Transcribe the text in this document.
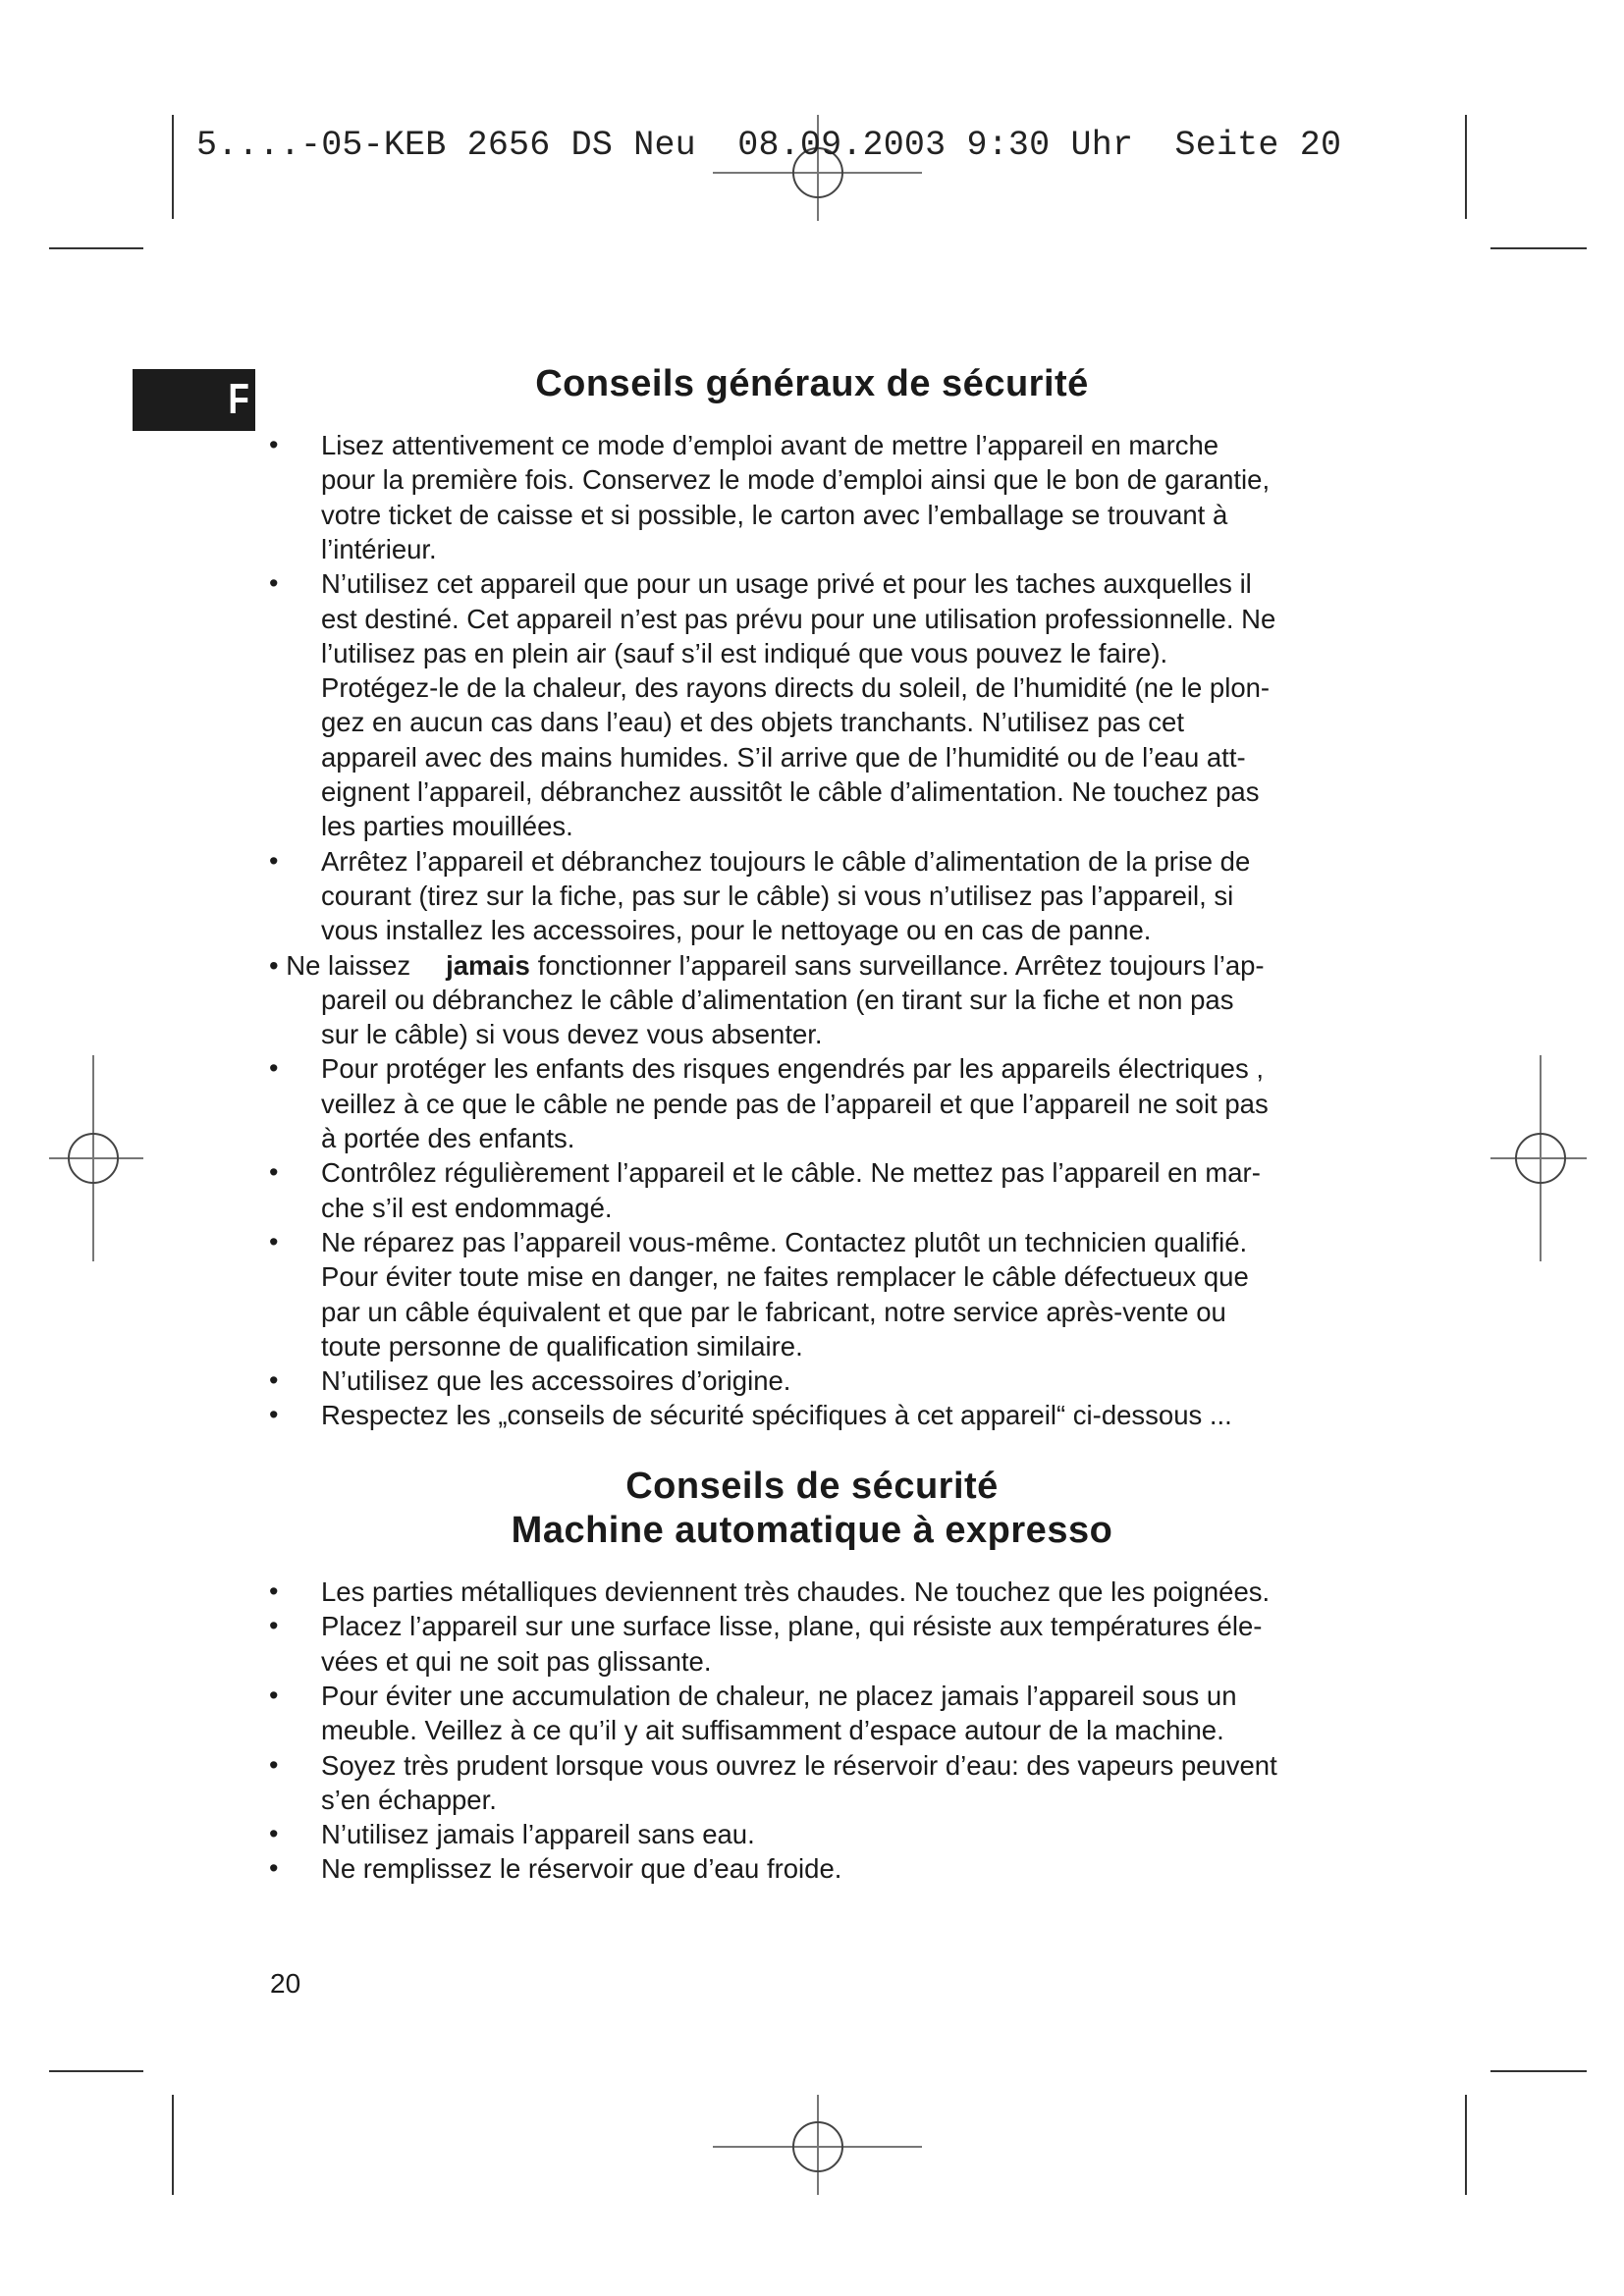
5....-05-KEB 2656 DS Neu  08.09.2003 9:30 Uhr  Seite 20
F	Conseils généraux de sécurité
• Lisez attentivement ce mode d’emploi avant de mettre l’appareil en marche
pour la première fois. Conservez le mode d’emploi ainsi que le bon de garantie,
votre ticket de caisse et si possible, le carton avec l’emballage se trouvant à
l’intérieur.
• N’utilisez cet appareil que pour un usage privé et pour les taches auxquelles il
est destiné. Cet appareil n’est pas prévu pour une utilisation professionnelle. Ne
l’utilisez pas en plein air (sauf s’il est indiqué que vous pouvez le faire).
Protégez-le de la chaleur, des rayons directs du soleil, de l’humidité (ne le plon-
gez en aucun cas dans l’eau) et des objets tranchants. N’utilisez pas cet
appareil avec des mains humides. S’il arrive que de l’humidité ou de l’eau att-
eignent l’appareil, débranchez aussitôt le câble d’alimentation. Ne touchez pas
les parties mouillées.
• Arrêtez l’appareil et débranchez toujours le câble d’alimentation de la prise de
courant (tirez sur la fiche, pas sur le câble) si vous n’utilisez pas l’appareil, si
vous installez les accessoires, pour le nettoyage ou en cas de panne.
• Ne laissez jamais fonctionner l’appareil sans surveillance. Arrêtez toujours l’ap-
pareil ou débranchez le câble d’alimentation (en tirant sur la fiche et non pas
sur le câble) si vous devez vous absenter.
• Pour protéger les enfants des risques engendrés par les appareils électriques ,
veillez à ce que le câble ne pende pas de l’appareil et que l’appareil ne soit pas
à portée des enfants.
• Contrôlez régulièrement l’appareil et le câble. Ne mettez pas l’appareil en mar-
che s’il est endommagé.
• Ne réparez pas l’appareil vous-même. Contactez plutôt un technicien qualifié.
Pour éviter toute mise en danger, ne faites remplacer le câble défectueux que
par un câble équivalent et que par le fabricant, notre service après-vente ou
toute personne de qualification similaire.
• N’utilisez que les accessoires d’origine.
• Respectez les „conseils de sécurité spécifiques à cet appareil“ ci-dessous ...
Conseils de sécurité
Machine automatique à expresso
• Les parties métalliques deviennent très chaudes. Ne touchez que les poignées.
• Placez l’appareil sur une surface lisse, plane, qui résiste aux températures éle-
vées et qui ne soit pas glissante.
• Pour éviter une accumulation de chaleur, ne placez jamais l’appareil sous un
meuble. Veillez à ce qu’il y ait suffisamment d’espace autour de la machine.
• Soyez très prudent lorsque vous ouvrez le réservoir d’eau: des vapeurs peuvent
s’en échapper.
• N’utilisez jamais l’appareil sans eau.
• Ne remplissez le réservoir que d’eau froide.
20
